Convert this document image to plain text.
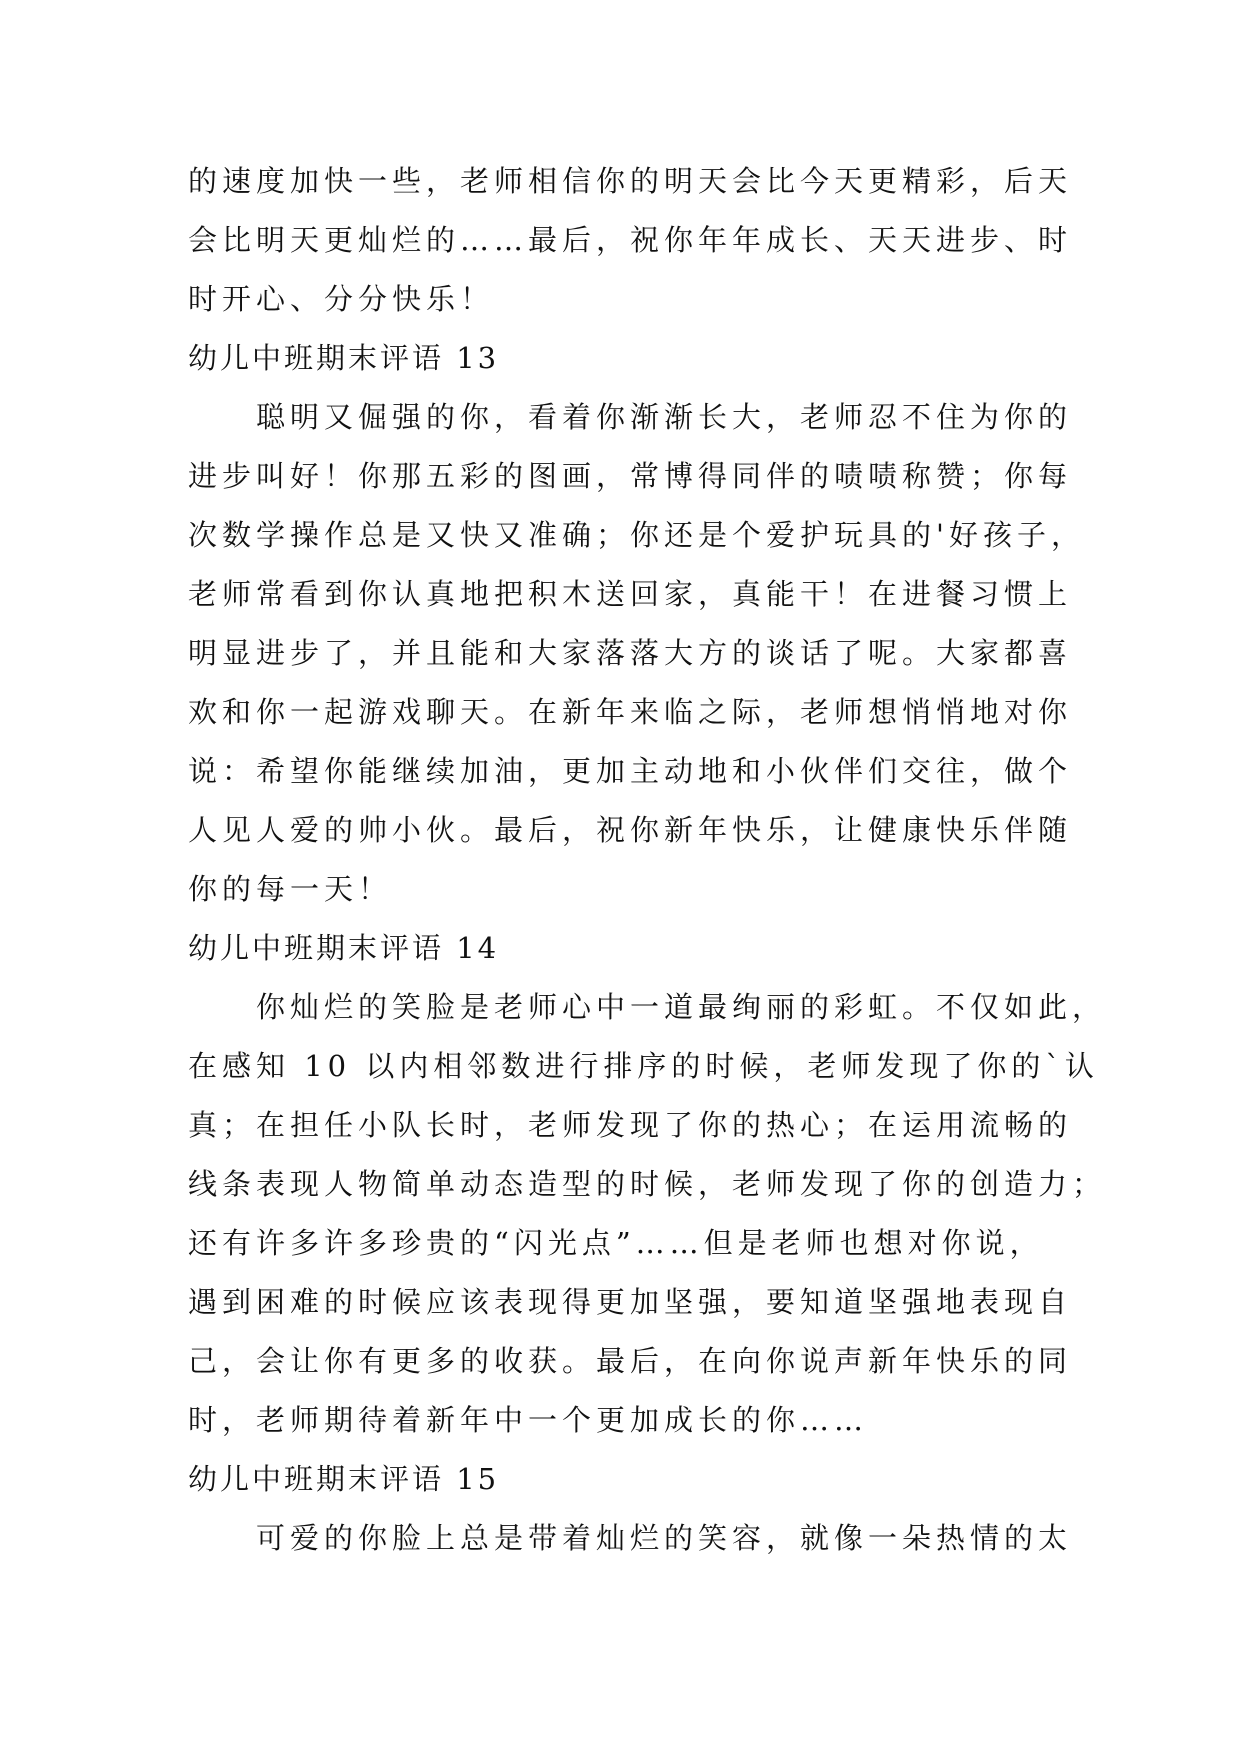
的速度加快一些，老师相信你的明天会比今天更精彩，后天
会比明天更灿烂的……最后，祝你年年成长、天天进步、时
时开心、分分快乐！
幼儿中班期末评语 13
聪明又倔强的你，看着你渐渐长大，老师忍不住为你的
进步叫好！你那五彩的图画，常博得同伴的啧啧称赞；你每
次数学操作总是又快又准确；你还是个爱护玩具的'好孩子，
老师常看到你认真地把积木送回家，真能干！在进餐习惯上
明显进步了，并且能和大家落落大方的谈话了呢。大家都喜
欢和你一起游戏聊天。在新年来临之际，老师想悄悄地对你
说：希望你能继续加油，更加主动地和小伙伴们交往，做个
人见人爱的帅小伙。最后，祝你新年快乐，让健康快乐伴随
你的每一天！
幼儿中班期末评语 14
你灿烂的笑脸是老师心中一道最绚丽的彩虹。不仅如此，
在感知 10 以内相邻数进行排序的时候，老师发现了你的`认
真；在担任小队长时，老师发现了你的热心；在运用流畅的
线条表现人物简单动态造型的时候，老师发现了你的创造力；
还有许多许多珍贵的“闪光点”……但是老师也想对你说，
遇到困难的时候应该表现得更加坚强，要知道坚强地表现自
己，会让你有更多的收获。最后，在向你说声新年快乐的同
时，老师期待着新年中一个更加成长的你……
幼儿中班期末评语 15
可爱的你脸上总是带着灿烂的笑容，就像一朵热情的太
